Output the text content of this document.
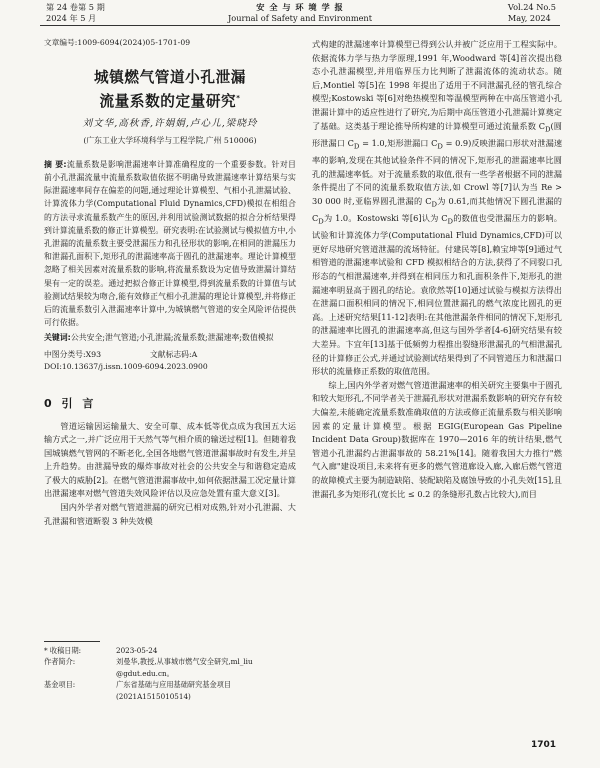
第 24 卷第 5 期
2024 年 5 月
安 全 与 环 境 学 报
Journal of Safety and Environment
Vol.24 No.5
May, 2024
文章编号:1009-6094(2024)05-1701-09
城镇燃气管道小孔泄漏
流量系数的定量研究*
刘文华,高秋香,许娟娟,卢心儿,梁晓玲
(广东工业大学环境科学与工程学院,广州 510006)
摘 要:流量系数是影响泄漏速率计算准确程度的一个重要参数。针对目前小孔泄漏流量中流量系数取值依据不明确导致泄漏速率计算结果与实际泄漏速率间存在偏差的问题,通过理论计算模型、气相小孔泄漏试验、计算流体力学(Computational Fluid Dynamics,CFD)模拟在相组合的方法寻求流量系数产生的原因,并利用试验测试数据的拟合分析结果得到计算流量系数的修正计算模型。研究表明:在试验测试与模拟值方中,小孔泄漏的流量系数主要受泄漏压力和孔径形状的影响,在相同的泄漏压力和泄漏孔面积下,矩形孔的泄漏速率高于圆孔的泄漏速率。理论计算模型忽略了相关因素对流量系数的影响,将流量系数设为定值导致泄漏计算结果有一定的误差。通过把拟合修正计算模型,得到流量系数的计算值与试验测试结果较为吻合,能有效修正气相小孔泄漏的理论计算模型,并将修正后的流量系数引入泄漏速率计算中,为城镇燃气管道的安全风险评估提供可行依据。
关键词:公共安全;泄气管道;小孔泄漏;流量系数;泄漏速率;数值模拟
中图分类号:X93	文献标志码:A
DOI:10.13637/j.issn.1009-6094.2023.0900
0 引 言
管道运输因运输量大、安全可靠、成本低等优点成为我国五大运输方式之一,并广泛应用于天然气等气相介质的输送过程[1]。但随着我国城镇燃气管网的不断老化,全国各地燃气管道泄漏事故时有发生,并呈上升趋势。由泄漏导致的爆炸事故对社会的公共安全与和谐稳定造成了极大的威胁[2]。在燃气管道泄漏事故中,如何依据泄漏工况定量计算出泄漏速率对燃气管道失效风险评估以及应急处置有重大意义[3]。
国内外学者对燃气管道泄漏的研究已相对成熟,针对小孔泄漏、大孔泄漏和管道断裂 3 种失效模
* 收稿日期:	2023-05-24
作者简介:	刘曼华,教授,从事城市燃气安全研究,ml_liu
@gdut.edu.cn。
基金项目:	广东省基础与应用基础研究基金项目
(2021A1515010514)
式构建的泄漏速率计算模型已得到公认并被广泛应用于工程实际中。依据流体力学与热力学原理,1991 年,Woodward 等[4]首次提出稳态小孔泄漏模型,并用临界压力比判断了泄漏流体的流动状态。随后,Montiel 等[5]在 1998 年提出了适用于不同泄漏孔径的管孔综合模型;Kostowski 等[6]对绝热模型和等温模型两种在中高压管道小孔泄漏计算中的适应性进行了研究,为后期中高压管道小孔泄漏计算奠定了基础。这类基于理论推导所构建的计算模型可通过流量系数 $C_D$(圆形泄漏口 $C_D = 1.0$,矩形泄漏口 $C_D = 0.9$)反映泄漏口形状对泄漏速率的影响,发现在其他试验条件不同的情况下,矩形孔的泄漏速率比圆孔的泄漏速率低。对于流量系数的取值,很有一些学者根据不同的泄漏条件提出了不同的流量系数取值方法,如 Crowl 等[7]认为当 Re > 30 000 时,亚临界圆孔泄漏的 $C_D$为 0.61,而其他情况下圆孔泄漏的 $C_D$为 1.0。Kostowski 等[6]认为 $C_D$的数值也受泄漏压力的影响。试验和计算流体力学(Computational Fluid Dynamics,CFD)可以更好尽地研究管道泄漏的流场特征。付建民等[8],赖宝坤等[9]通过气相管道的泄漏速率试验和 CFD 模拟相结合的方法,获得了不同裂口孔形态的气相泄漏速率,并得到在相同压力和孔面积条件下,矩形孔的泄漏速率明显高于圆孔的结论。袁欣然等[10]通过试验与模拟方法得出在泄漏口面积相同的情况下,相同位置泄漏孔的燃气浓度比圆孔的更高。上述研究结果[11-12]表明:在其他泄漏条件相同的情况下,矩形孔的泄漏速率比圆孔的泄漏速率高,但这与国外学者[4-6]研究结果有较大差异。卞宜年[13]基于低频剪力程推出裂缝形泄漏孔的气相泄漏孔径的计算修正公式,并通过试验测试结果得到了不同管道压力和泄漏口形状的流量修正系数的取值范围。
综上,国内外学者对燃气管道泄漏速率的相关研究主要集中于圆孔和较大矩形孔,不同学者关于泄漏孔形状对泄漏系数影响的研究存有较大偏差,未能确定流量系数准确取值的方法或修正流量系数与相关影响因素的定量计算模型。根据 EGIG(European Gas Pipeline Incident Data Group)数据库在 1970—2016 年的统计结果,燃气管道小孔泄漏约占泄漏事故的 58.21%[14]。随着我国大力推行"燃气入廊"建设项目,未来将有更多的燃气管道廊设入廊,入廊后燃气管道的故障模式主要为制造缺陷、装配缺陷及腐蚀导致的小孔失效[15],且泄漏孔多为矩形孔(宽长比 ≤ 0.2 的条缝形孔数占比较大),而目
1701
